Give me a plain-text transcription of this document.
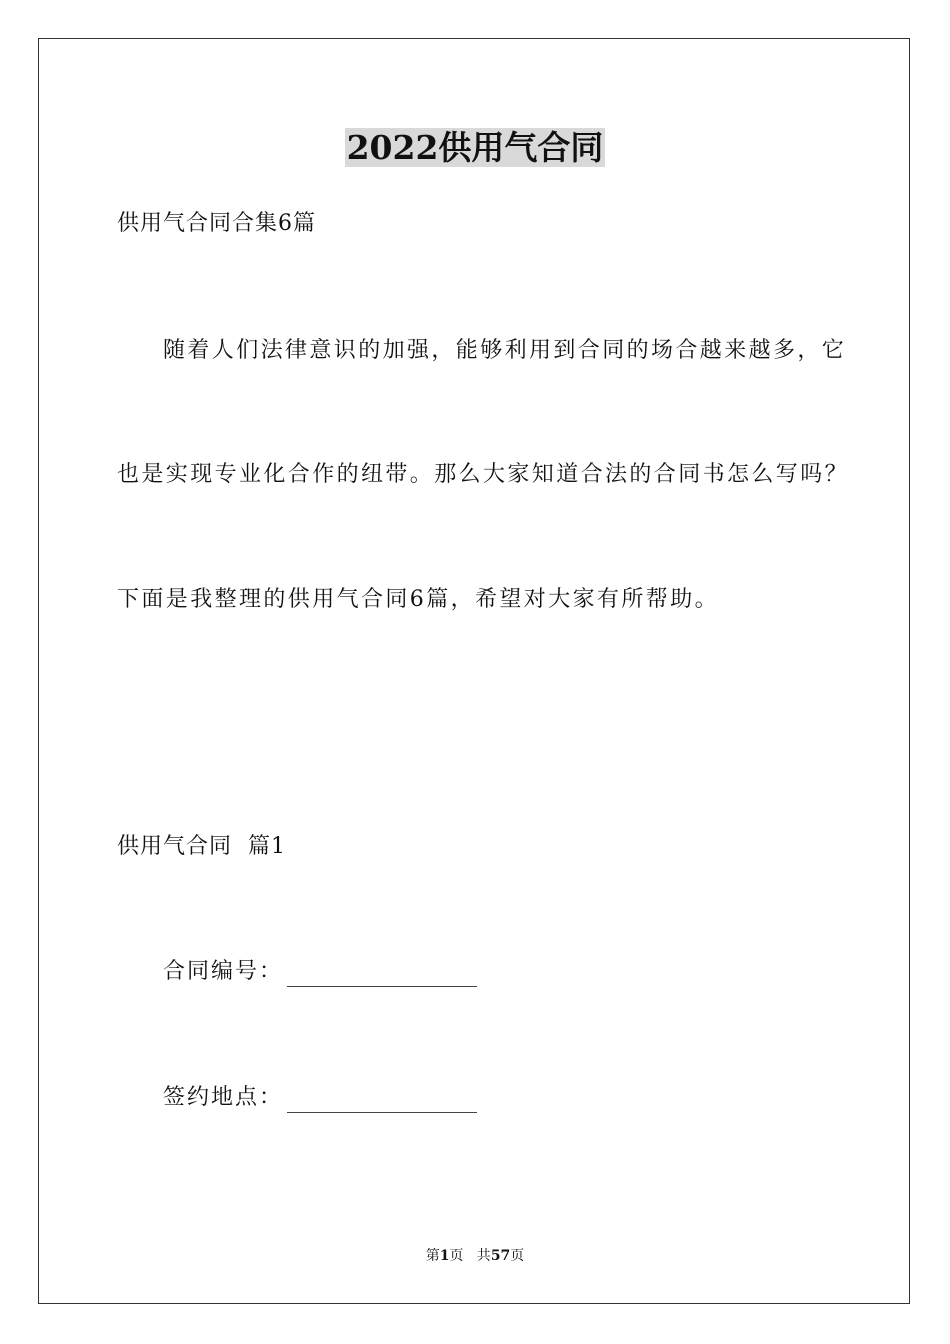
2022供用气合同
供用气合同合集6篇
随着人们法律意识的加强，能够利用到合同的场合越来越多，它
也是实现专业化合作的纽带。那么大家知道合法的合同书怎么写吗？
下面是我整理的供用气合同6篇，希望对大家有所帮助。
供用气合同  篇1
合同编号：
签约地点：
第1页   共57页
